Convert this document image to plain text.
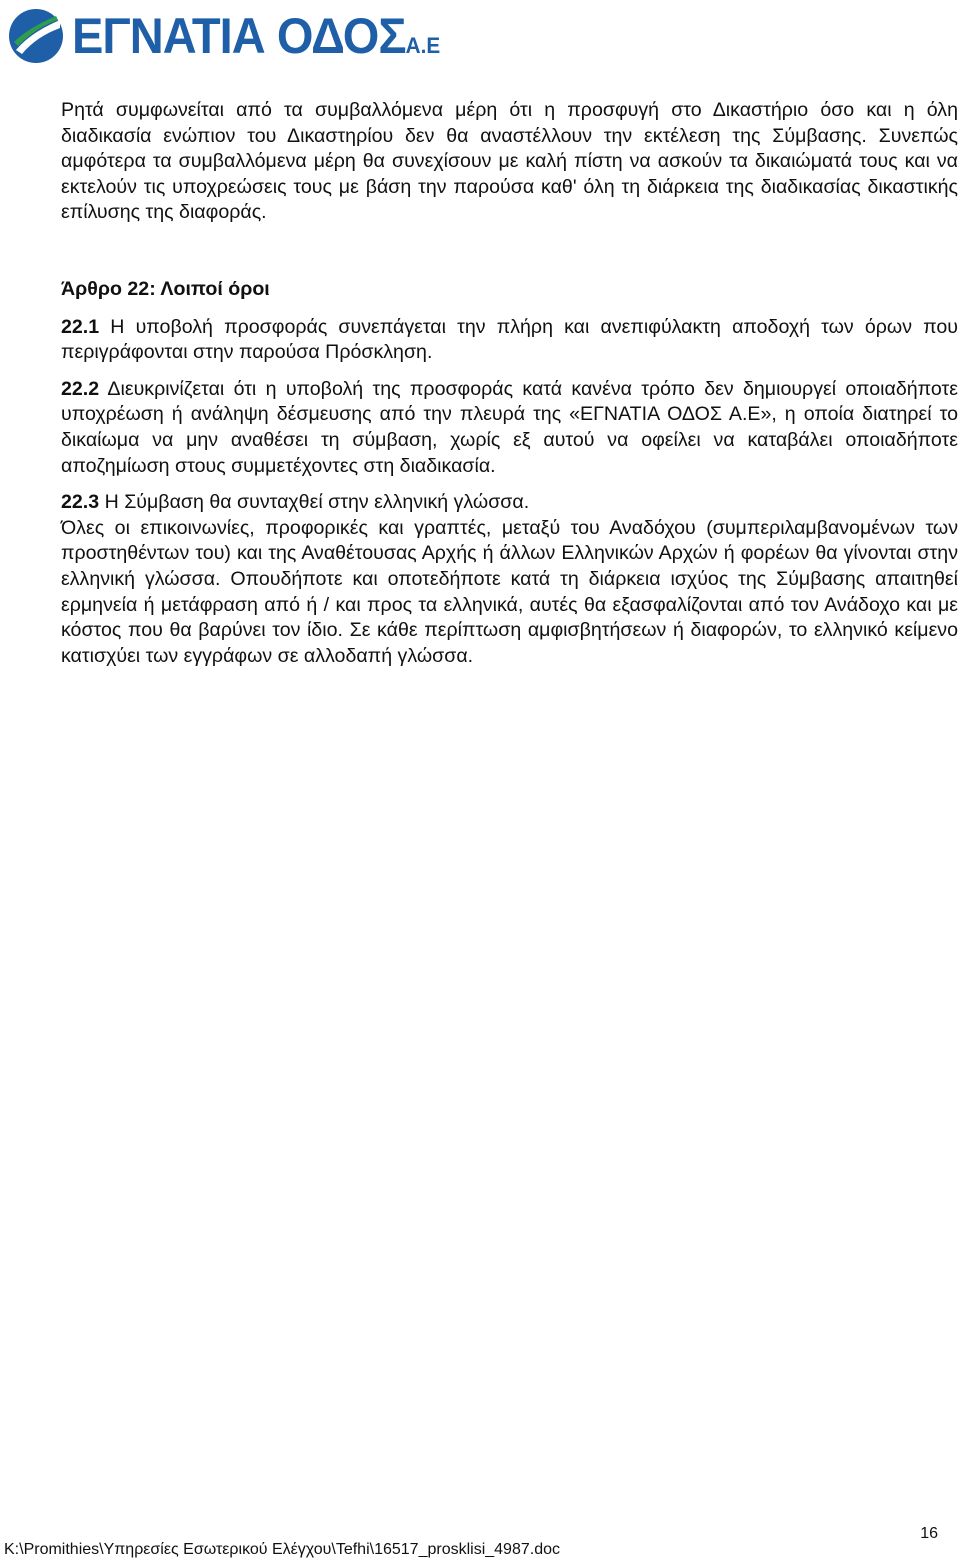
ΕΓΝΑΤΙΑ ΟΔΟΣΑ.Ε

Ρητά συμφωνείται από τα συμβαλλόμενα μέρη ότι η προσφυγή στο Δικαστήριο όσο και η όλη διαδικασία ενώπιον του Δικαστηρίου δεν θα αναστέλλουν την εκτέλεση της Σύμβασης. Συνεπώς αμφότερα τα συμβαλλόμενα μέρη θα συνεχίσουν με καλή πίστη να ασκούν τα δικαιώματά τους και να εκτελούν τις υποχρεώσεις τους με βάση την παρούσα καθ' όλη τη διάρκεια της διαδικασίας δικαστικής επίλυσης της διαφοράς.

Άρθρο 22: Λοιποί όροι

22.1 Η υποβολή προσφοράς συνεπάγεται την πλήρη και ανεπιφύλακτη αποδοχή των όρων που περιγράφονται στην παρούσα Πρόσκληση.

22.2 Διευκρινίζεται ότι η υποβολή της προσφοράς κατά κανένα τρόπο δεν δημιουργεί οποιαδήποτε υποχρέωση ή ανάληψη δέσμευσης από την πλευρά της «ΕΓΝΑΤΙΑ ΟΔΟΣ Α.Ε», η οποία διατηρεί το δικαίωμα να μην αναθέσει τη σύμβαση, χωρίς εξ αυτού να οφείλει να καταβάλει οποιαδήποτε αποζημίωση στους συμμετέχοντες στη διαδικασία.

22.3 Η Σύμβαση θα συνταχθεί στην ελληνική γλώσσα.

Όλες οι επικοινωνίες, προφορικές και γραπτές, μεταξύ του Αναδόχου (συμπεριλαμβανομένων των προστηθέντων του) και της Αναθέτουσας Αρχής ή άλλων Ελληνικών Αρχών ή φορέων θα γίνονται στην ελληνική γλώσσα. Οπουδήποτε και οποτεδήποτε κατά τη διάρκεια ισχύος της Σύμβασης απαιτηθεί ερμηνεία ή μετάφραση από ή / και προς τα ελληνικά, αυτές θα εξασφαλίζονται από τον Ανάδοχο και με κόστος που θα βαρύνει τον ίδιο. Σε κάθε περίπτωση αμφισβητήσεων ή διαφορών, το ελληνικό κείμενο κατισχύει των εγγράφων σε αλλοδαπή γλώσσα.

16
K:\Promithies\Υπηρεσίες Εσωτερικού Ελέγχου\Tefhi\16517_prosklisi_4987.doc
